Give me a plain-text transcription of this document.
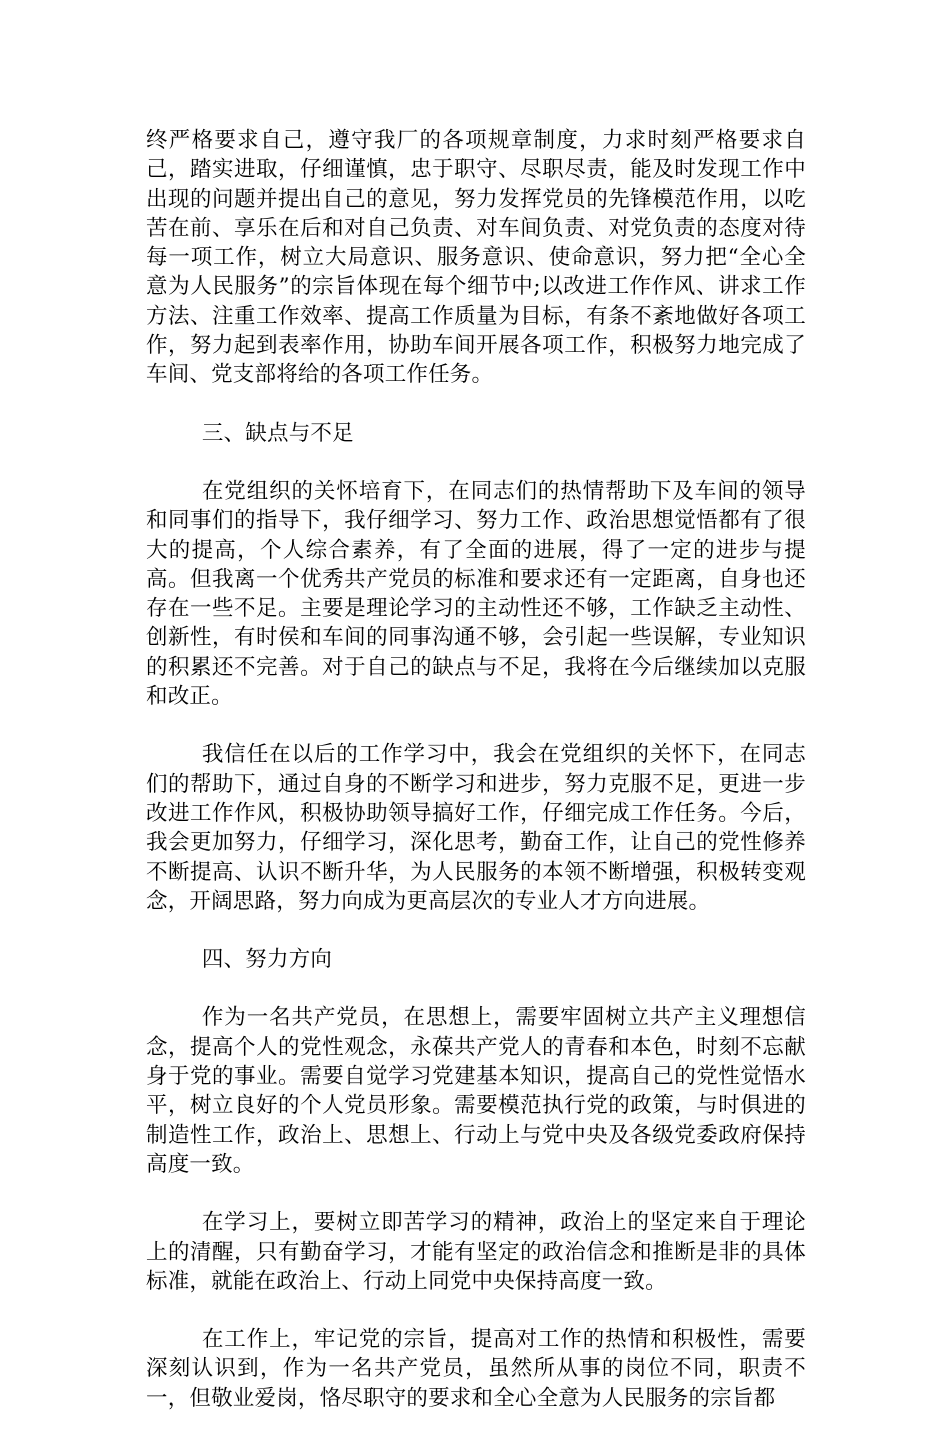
终严格要求自己，遵守我厂的各项规章制度，力求时刻严格要求自己，踏实进取，仔细谨慎，忠于职守、尽职尽责，能及时发现工作中出现的问题并提出自己的意见，努力发挥党员的先锋模范作用，以吃苦在前、享乐在后和对自己负责、对车间负责、对党负责的态度对待每一项工作，树立大局意识、服务意识、使命意识，努力把“全心全意为人民服务”的宗旨体现在每个细节中;以改进工作作风、讲求工作方法、注重工作效率、提高工作质量为目标，有条不紊地做好各项工作，努力起到表率作用，协助车间开展各项工作，积极努力地完成了车间、党支部将给的各项工作任务。

三、缺点与不足

在党组织的关怀培育下，在同志们的热情帮助下及车间的领导和同事们的指导下，我仔细学习、努力工作、政治思想觉悟都有了很大的提高，个人综合素养，有了全面的进展，得了一定的进步与提高。但我离一个优秀共产党员的标准和要求还有一定距离，自身也还存在一些不足。主要是理论学习的主动性还不够，工作缺乏主动性、创新性，有时侯和车间的同事沟通不够，会引起一些误解，专业知识的积累还不完善。对于自己的缺点与不足，我将在今后继续加以克服和改正。

我信任在以后的工作学习中，我会在党组织的关怀下，在同志们的帮助下，通过自身的不断学习和进步，努力克服不足，更进一步改进工作作风，积极协助领导搞好工作，仔细完成工作任务。今后，我会更加努力，仔细学习，深化思考，勤奋工作，让自己的党性修养不断提高、认识不断升华，为人民服务的本领不断增强，积极转变观念，开阔思路，努力向成为更高层次的专业人才方向进展。

四、努力方向

作为一名共产党员，在思想上，需要牢固树立共产主义理想信念，提高个人的党性观念，永葆共产党人的青春和本色，时刻不忘献身于党的事业。需要自觉学习党建基本知识，提高自己的党性觉悟水平，树立良好的个人党员形象。需要模范执行党的政策，与时俱进的制造性工作，政治上、思想上、行动上与党中央及各级党委政府保持高度一致。

在学习上，要树立即苦学习的精神，政治上的坚定来自于理论上的清醒，只有勤奋学习，才能有坚定的政治信念和推断是非的具体标准，就能在政治上、行动上同党中央保持高度一致。

在工作上，牢记党的宗旨，提高对工作的热情和积极性，需要深刻认识到，作为一名共产党员，虽然所从事的岗位不同，职责不一，但敬业爱岗，恪尽职守的要求和全心全意为人民服务的宗旨都
